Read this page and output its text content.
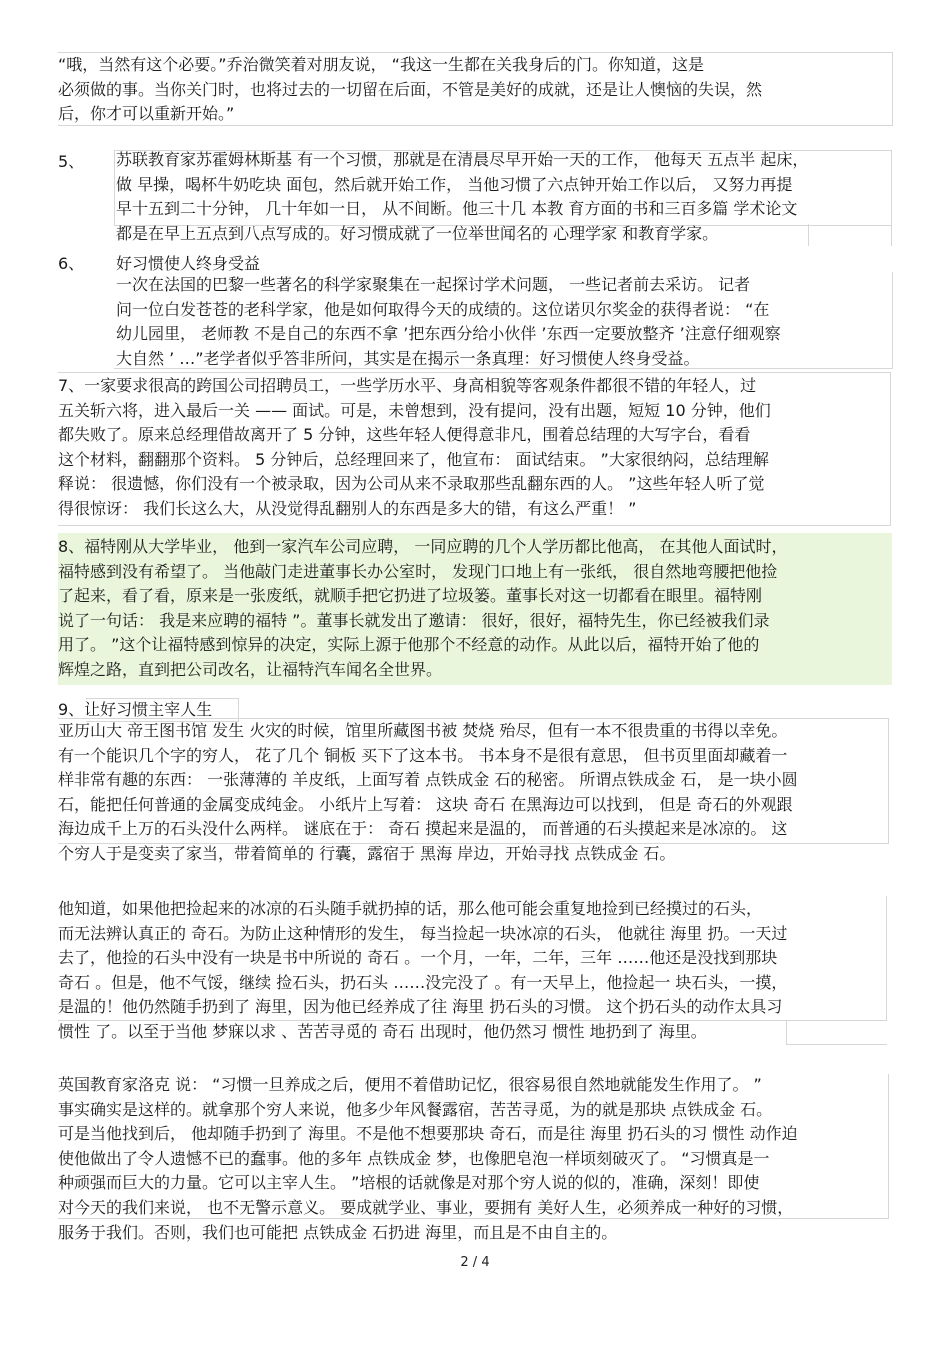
“哦，当然有这个必要。”乔治微笑着对朋友说， “我这一生都在关我身后的门。你知道，这是
必须做的事。当你关门时，也将过去的一切留在后面，不管是美好的成就，还是让人懊恼的失误，然
后，你才可以重新开始。”
5、 苏联教育家苏霍姆林斯基 有一个习惯，那就是在清晨尽早开始一天的工作， 他每天 五点半 起床，
做 早操，喝杯牛奶吃块 面包，然后就开始工作， 当他习惯了六点钟开始工作以后， 又努力再提
早十五到二十分钟， 几十年如一日， 从不间断。他三十几 本教 育方面的书和三百多篇 学术论文
都是在早上五点到八点写成的。好习惯成就了一位举世闻名的 心理学家 和教育学家。
6、 好习惯使人终身受益
一次在法国的巴黎一些著名的科学家聚集在一起探讨学术问题， 一些记者前去采访。 记者
问一位白发苍苍的老科学家，他是如何取得今天的成绩的。这位诺贝尔奖金的获得者说： “在
幼儿园里， 老师教 不是自己的东西不拿 ’把东西分给小伙伴 ’东西一定要放整齐 ’注意仔细观察
大自然 ’ …”老学者似乎答非所问，其实是在揭示一条真理：好习惯使人终身受益。
7、一家要求很高的跨国公司招聘员工，一些学历水平、身高相貌等客观条件都很不错的年轻人，过
五关斩六将，进入最后一关 —— 面试。可是，未曾想到，没有提问，没有出题，短短 10 分钟，他们
都失败了。原来总经理借故离开了 5 分钟，这些年轻人便得意非凡，围着总结理的大写字台，看看
这个材料，翻翻那个资料。 5 分钟后，总经理回来了，他宣布： 面试结束。 ”大家很纳闷，总结理解
释说： 很遗憾，你们没有一个被录取，因为公司从来不录取那些乱翻东西的人。 ”这些年轻人听了觉
得很惊讶： 我们长这么大，从没觉得乱翻别人的东西是多大的错，有这么严重！ ”
8、福特刚从大学毕业， 他到一家汽车公司应聘， 一同应聘的几个人学历都比他高， 在其他人面试时，
福特感到没有希望了。 当他敲门走进董事长办公室时， 发现门口地上有一张纸， 很自然地弯腰把他捡
了起来，看了看，原来是一张废纸，就顺手把它扔进了垃圾篓。董事长对这一切都看在眼里。福特刚
说了一句话： 我是来应聘的福特 ”。董事长就发出了邀请： 很好，很好，福特先生，你已经被我们录
用了。 ”这个让福特感到惊异的决定，实际上源于他那个不经意的动作。从此以后，福特开始了他的
辉煌之路，直到把公司改名，让福特汽车闻名全世界。
9、让好习惯主宰人生
亚历山大 帝王图书馆 发生 火灾的时候，馆里所藏图书被 焚烧 殆尽，但有一本不很贵重的书得以幸免。
有一个能识几个字的穷人， 花了几个 铜板 买下了这本书。 书本身不是很有意思， 但书页里面却藏着一
样非常有趣的东西： 一张薄薄的 羊皮纸，上面写着 点铁成金 石的秘密。 所谓点铁成金 石， 是一块小圆
石，能把任何普通的金属变成纯金。 小纸片上写着： 这块 奇石 在黑海边可以找到， 但是 奇石的外观跟
海边成千上万的石头没什么两样。 谜底在于： 奇石 摸起来是温的， 而普通的石头摸起来是冰凉的。 这
个穷人于是变卖了家当，带着简单的 行囊，露宿于 黑海 岸边，开始寻找 点铁成金 石。
他知道，如果他把捡起来的冰凉的石头随手就扔掉的话，那么他可能会重复地捡到已经摸过的石头，
而无法辨认真正的 奇石。为防止这种情形的发生， 每当捡起一块冰凉的石头， 他就往 海里 扔。一天过
去了，他捡的石头中没有一块是书中所说的 奇石 。一个月，一年，二年，三年 ……他还是没找到那块
奇石 。但是，他不气馁，继续 捡石头，扔石头 ……没完没了 。有一天早上，他捡起一 块石头，一摸，
是温的！他仍然随手扔到了 海里，因为他已经养成了往 海里 扔石头的习惯。 这个扔石头的动作太具习
惯性 了。以至于当他 梦寐以求 、苦苦寻觅的 奇石 出现时，他仍然习 惯性 地扔到了 海里。
英国教育家洛克 说： “习惯一旦养成之后，便用不着借助记忆，很容易很自然地就能发生作用了。 ”
事实确实是这样的。就拿那个穷人来说，他多少年风餐露宿，苦苦寻觅，为的就是那块 点铁成金 石。
可是当他找到后， 他却随手扔到了 海里。不是他不想要那块 奇石，而是往 海里 扔石头的习 惯性 动作迫
使他做出了令人遗憾不已的蠢事。他的多年 点铁成金 梦，也像肥皂泡一样顷刻破灭了。 “习惯真是一
种顽强而巨大的力量。它可以主宰人生。 ”培根的话就像是对那个穷人说的似的，准确，深刻！即使
对今天的我们来说， 也不无警示意义。 要成就学业、事业，要拥有 美好人生，必须养成一种好的习惯，
服务于我们。否则，我们也可能把 点铁成金 石扔进 海里，而且是不由自主的。
2 / 4
